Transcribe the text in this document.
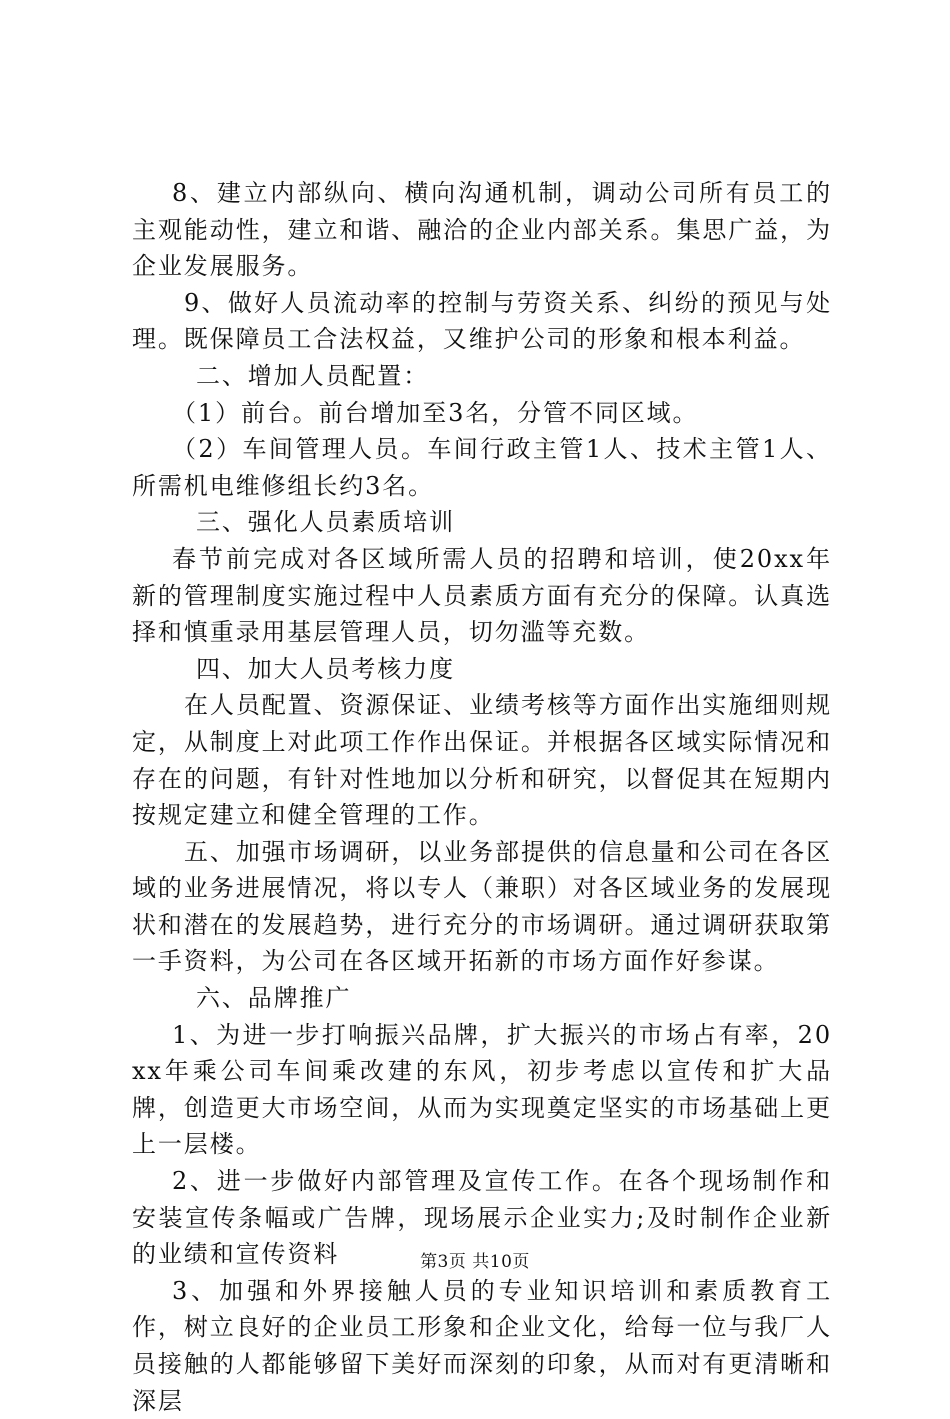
8、建立内部纵向、横向沟通机制，调动公司所有员工的主观能动性，建立和谐、融洽的企业内部关系。集思广益，为企业发展服务。

9、做好人员流动率的控制与劳资关系、纠纷的预见与处理。既保障员工合法权益，又维护公司的形象和根本利益。

二、增加人员配置：

（1）前台。前台增加至3名，分管不同区域。

（2）车间管理人员。车间行政主管1人、技术主管1人、所需机电维修组长约3名。

三、强化人员素质培训

春节前完成对各区域所需人员的招聘和培训，使20xx年新的管理制度实施过程中人员素质方面有充分的保障。认真选择和慎重录用基层管理人员，切勿滥等充数。

四、加大人员考核力度

在人员配置、资源保证、业绩考核等方面作出实施细则规定，从制度上对此项工作作出保证。并根据各区域实际情况和存在的问题，有针对性地加以分析和研究，以督促其在短期内按规定建立和健全管理的工作。

五、加强市场调研，以业务部提供的信息量和公司在各区域的业务进展情况，将以专人（兼职）对各区域业务的发展现状和潜在的发展趋势，进行充分的市场调研。通过调研获取第一手资料，为公司在各区域开拓新的市场方面作好参谋。

六、品牌推广

1、为进一步打响振兴品牌，扩大振兴的市场占有率，20xx年乘公司车间乘改建的东风，初步考虑以宣传和扩大品牌，创造更大市场空间，从而为实现奠定坚实的市场基础上更上一层楼。

2、进一步做好内部管理及宣传工作。在各个现场制作和安装宣传条幅或广告牌，现场展示企业实力;及时制作企业新的业绩和宣传资料

3、加强和外界接触人员的专业知识培训和素质教育工作，树立良好的企业员工形象和企业文化，给每一位与我厂人员接触的人都能够留下美好而深刻的印象，从而对有更清晰和深层

第3页 共10页
